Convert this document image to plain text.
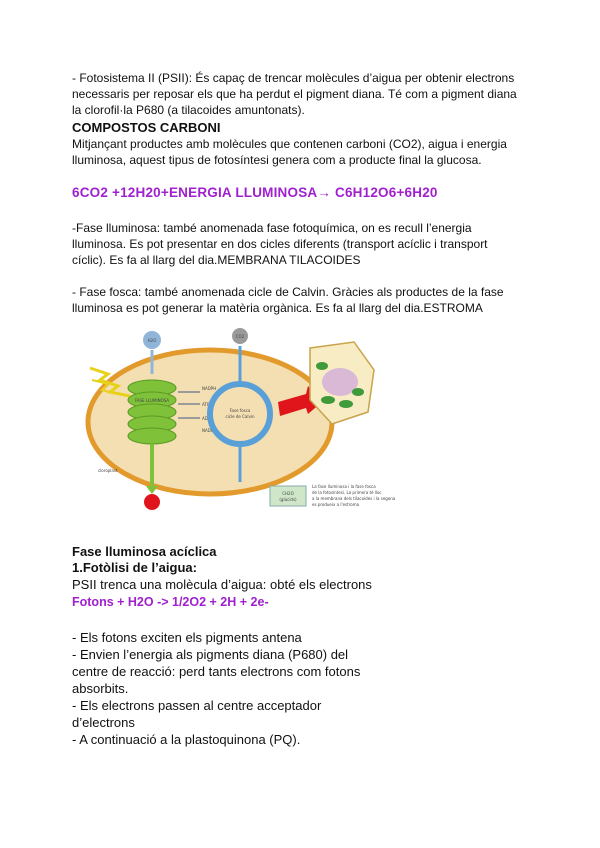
- Fotosistema II (PSII): És capaç de trencar molècules d’aigua per obtenir electrons

necessaris per reposar els que ha perdut el pigment diana. Té com a pigment diana

la clorofil·la P680 (a tilacoides amuntonats).

COMPOSTOS CARBONI

Mitjançant productes amb molècules que contenen carboni (CO2), aigua i energia

lluminosa, aquest tipus de fotosíntesi genera com a producte final la glucosa.

6CO2 +12H20+ENERGIA LLUMINOSA→ C6H12O6+6H20

-Fase lluminosa: també anomenada fase fotoquímica, on es recull l’energia

lluminosa. Es pot presentar en dos cicles diferents (transport acíclic i transport

cíclic). Es fa al llarg del dia.MEMBRANA TILACOIDES

- Fase fosca: també anomenada cicle de Calvin. Gràcies als productes de la fase

lluminosa es pot generar la matèria orgànica. Es fa al llarg del dia.ESTROMA

H2O
FASE LLUMINOSA
NADPH
ATP
ADP
NADP+
Fase fosca
cicle de Calvin
CO2
CH2O
(glúcids)
cloroplast
La fase lluminosa i la fase fosca
de la fotosíntesi. La primera té lloc
a la membrana dels tilacoides i la segona
es produeix a l'estroma

Fase lluminosa acíclica

1.Fotòlisi de l’aigua:

PSII trenca una molècula d’aigua: obté els electrons

Fotons + H2O -> 1/2O2 + 2H + 2e-

- Els fotons exciten els pigments antena

- Envien l’energia als pigments diana (P680) del

centre de reacció: perd tants electrons com fotons

absorbits.

- Els electrons passen al centre acceptador

d’electrons

- A continuació a la plastoquinona (PQ).
